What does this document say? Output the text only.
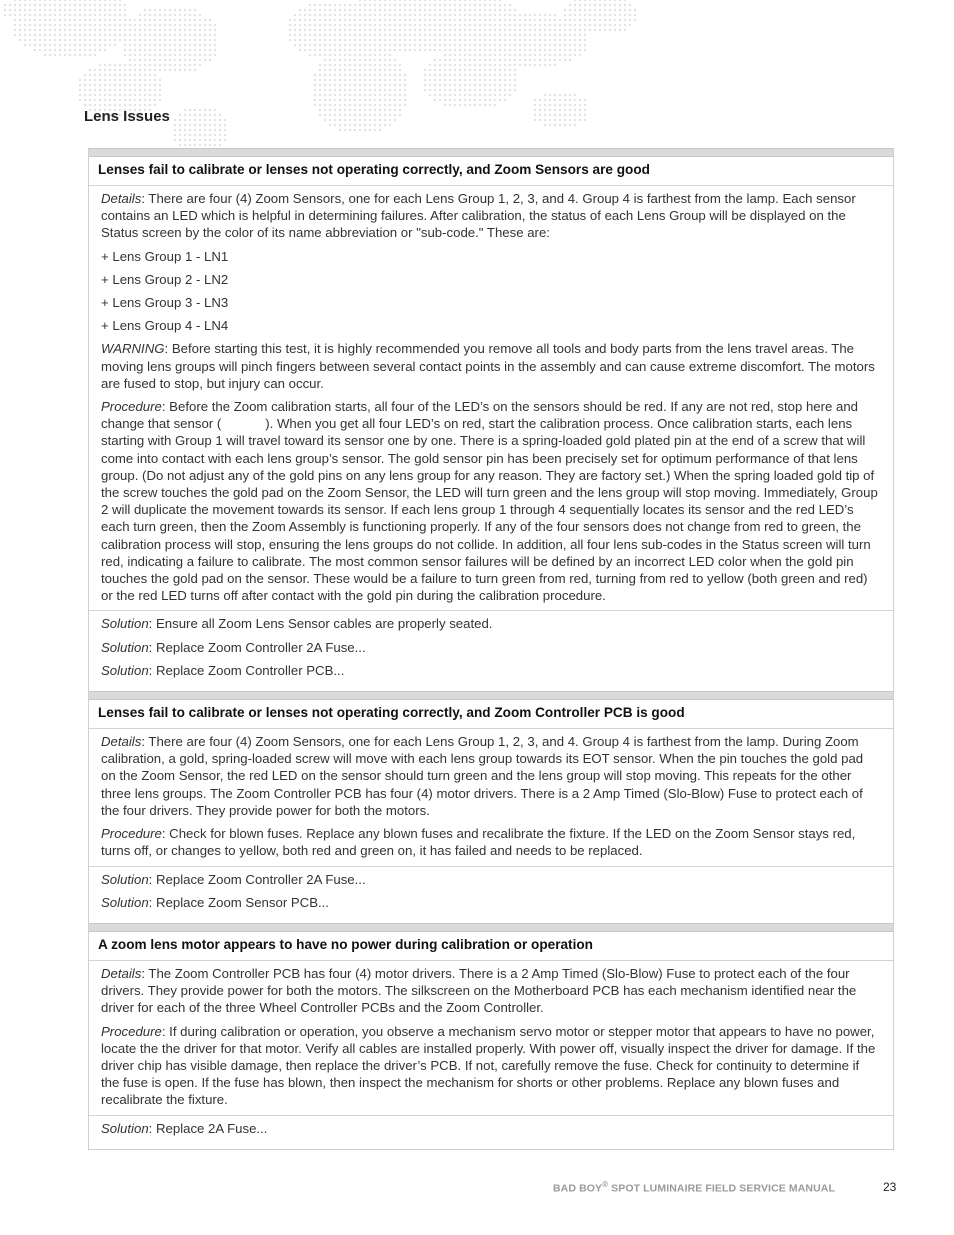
Lens Issues
Lenses fail to calibrate or lenses not operating correctly, and Zoom Sensors are good

Details: There are four (4) Zoom Sensors, one for each Lens Group 1, 2, 3, and 4. Group 4 is farthest from the lamp. Each sensor contains an LED which is helpful in determining failures. After calibration, the status of each Lens Group will be displayed on the Status screen by the color of its name abbreviation or "sub-code." These are:

+ Lens Group 1 - LN1

+ Lens Group 2 - LN2

+ Lens Group 3 - LN3

+ Lens Group 4 - LN4

WARNING: Before starting this test, it is highly recommended you remove all tools and body parts from the lens travel areas. The moving lens groups will pinch fingers between several contact points in the assembly and can cause extreme discomfort. The motors are fused to stop, but injury can occur.

Procedure: Before the Zoom calibration starts, all four of the LED’s on the sensors should be red. If any are not red, stop here and change that sensor (	). When you get all four LED’s on red, start the calibration process. Once calibration starts, each lens starting with Group 1 will travel toward its sensor one by one. There is a spring-loaded gold plated pin at the end of a screw that will come into contact with each lens group’s sensor. The gold sensor pin has been precisely set for optimum performance of that lens group. (Do not adjust any of the gold pins on any lens group for any reason. They are factory set.) When the spring loaded gold tip of the screw touches the gold pad on the Zoom Sensor, the LED will turn green and the lens group will stop moving. Immediately, Group 2 will duplicate the movement towards its sensor. If each lens group 1 through 4 sequentially locates its sensor and the red LED’s each turn green, then the Zoom Assembly is functioning properly. If any of the four sensors does not change from red to green, the calibration process will stop, ensuring the lens groups do not collide. In addition, all four lens sub-codes in the Status screen will turn red, indicating a failure to calibrate. The most common sensor failures will be defined by an incorrect LED color when the gold pin touches the gold pad on the sensor. These would be a failure to turn green from red, turning from red to yellow (both green and red) or the red LED turns off after contact with the gold pin during the calibration procedure.

Solution: Ensure all Zoom Lens Sensor cables are properly seated.

Solution: Replace Zoom Controller 2A Fuse...

Solution: Replace Zoom Controller PCB...

Lenses fail to calibrate or lenses not operating correctly, and Zoom Controller PCB is good

Details: There are four (4) Zoom Sensors, one for each Lens Group 1, 2, 3, and 4. Group 4 is farthest from the lamp. During Zoom calibration, a gold, spring-loaded screw will move with each lens group towards its EOT sensor. When the pin touches the gold pad on the Zoom Sensor, the red LED on the sensor should turn green and the lens group will stop moving. This repeats for the other three lens groups. The Zoom Controller PCB has four (4) motor drivers. There is a 2 Amp Timed (Slo-Blow) Fuse to protect each of the four drivers. They provide power for both the motors.

Procedure: Check for blown fuses. Replace any blown fuses and recalibrate the fixture. If the LED on the Zoom Sensor stays red, turns off, or changes to yellow, both red and green on, it has failed and needs to be replaced.

Solution: Replace Zoom Controller 2A Fuse...

Solution: Replace Zoom Sensor PCB...

A zoom lens motor appears to have no power during calibration or operation

Details: The Zoom Controller PCB has four (4) motor drivers. There is a 2 Amp Timed (Slo-Blow) Fuse to protect each of the four drivers. They provide power for both the motors. The silkscreen on the Motherboard PCB has each mechanism identified near the driver for each of the three Wheel Controller PCBs and the Zoom Controller.

Procedure: If during calibration or operation, you observe a mechanism servo motor or stepper motor that appears to have no power, locate the the driver for that motor. Verify all cables are installed properly. With power off, visually inspect the driver for damage. If the driver chip has visible damage, then replace the driver’s PCB. If not, carefully remove the fuse. Check for continuity to determine if the fuse is open. If the fuse has blown, then inspect the mechanism for shorts or other problems. Replace any blown fuses and recalibrate the fixture.

Solution: Replace 2A Fuse...

BAD BOY® SPOT LUMINAIRE FIELD SERVICE MANUAL	23
